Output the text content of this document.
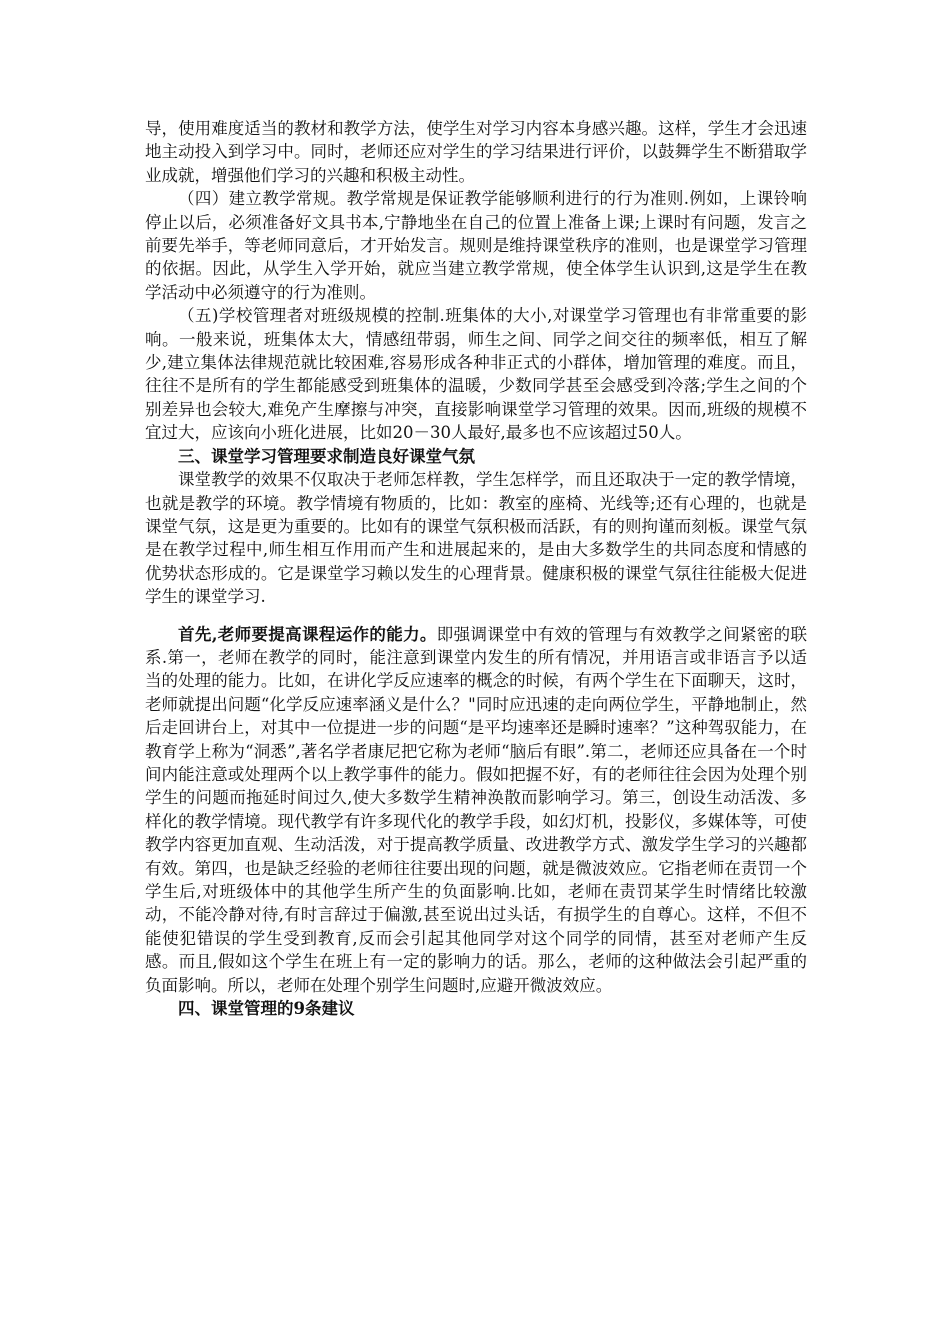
导，使用难度适当的教材和教学方法，使学生对学习内容本身感兴趣。这样，学生才会迅速地主动投入到学习中。同时，老师还应对学生的学习结果进行评价，以鼓舞学生不断猎取学业成就，增强他们学习的兴趣和积极主动性。

（四）建立教学常规。教学常规是保证教学能够顺利进行的行为准则.例如，上课铃响停止以后，必须准备好文具书本,宁静地坐在自己的位置上准备上课;上课时有问题，发言之前要先举手，等老师同意后，才开始发言。规则是维持课堂秩序的准则，也是课堂学习管理的依据。因此，从学生入学开始，就应当建立教学常规，使全体学生认识到,这是学生在教学活动中必须遵守的行为准则。

（五)学校管理者对班级规模的控制.班集体的大小,对课堂学习管理也有非常重要的影响。一般来说，班集体太大，情感纽带弱，师生之间、同学之间交往的频率低，相互了解少,建立集体法律规范就比较困难,容易形成各种非正式的小群体，增加管理的难度。而且，往往不是所有的学生都能感受到班集体的温暖，少数同学甚至会感受到冷落;学生之间的个别差异也会较大,难免产生摩擦与冲突，直接影响课堂学习管理的效果。因而,班级的规模不宜过大，应该向小班化进展，比如20－30人最好,最多也不应该超过50人。

三、课堂学习管理要求制造良好课堂气氛

课堂教学的效果不仅取决于老师怎样教，学生怎样学，而且还取决于一定的教学情境，也就是教学的环境。教学情境有物质的，比如：教室的座椅、光线等;还有心理的，也就是课堂气氛，这是更为重要的。比如有的课堂气氛积极而活跃，有的则拘谨而刻板。课堂气氛是在教学过程中,师生相互作用而产生和进展起来的，是由大多数学生的共同态度和情感的优势状态形成的。它是课堂学习赖以发生的心理背景。健康积极的课堂气氛往往能极大促进学生的课堂学习.

首先,老师要提高课程运作的能力。即强调课堂中有效的管理与有效教学之间紧密的联系.第一，老师在教学的同时，能注意到课堂内发生的所有情况，并用语言或非语言予以适当的处理的能力。比如，在讲化学反应速率的概念的时候，有两个学生在下面聊天，这时，老师就提出问题“化学反应速率涵义是什么？"同时应迅速的走向两位学生，平静地制止，然后走回讲台上，对其中一位提进一步的问题“是平均速率还是瞬时速率？”这种驾驭能力，在教育学上称为“洞悉”,著名学者康尼把它称为老师“脑后有眼”.第二，老师还应具备在一个时间内能注意或处理两个以上教学事件的能力。假如把握不好，有的老师往往会因为处理个别学生的问题而拖延时间过久,使大多数学生精神涣散而影响学习。第三，创设生动活泼、多样化的教学情境。现代教学有许多现代化的教学手段，如幻灯机，投影仪，多媒体等，可使教学内容更加直观、生动活泼，对于提高教学质量、改进教学方式、激发学生学习的兴趣都有效。第四，也是缺乏经验的老师往往要出现的问题，就是微波效应。它指老师在责罚一个学生后,对班级体中的其他学生所产生的负面影响.比如，老师在责罚某学生时情绪比较激动，不能冷静对待,有时言辞过于偏激,甚至说出过头话，有损学生的自尊心。这样，不但不能使犯错误的学生受到教育,反而会引起其他同学对这个同学的同情，甚至对老师产生反感。而且,假如这个学生在班上有一定的影响力的话。那么，老师的这种做法会引起严重的负面影响。所以，老师在处理个别学生问题时,应避开微波效应。

四、课堂管理的9条建议
